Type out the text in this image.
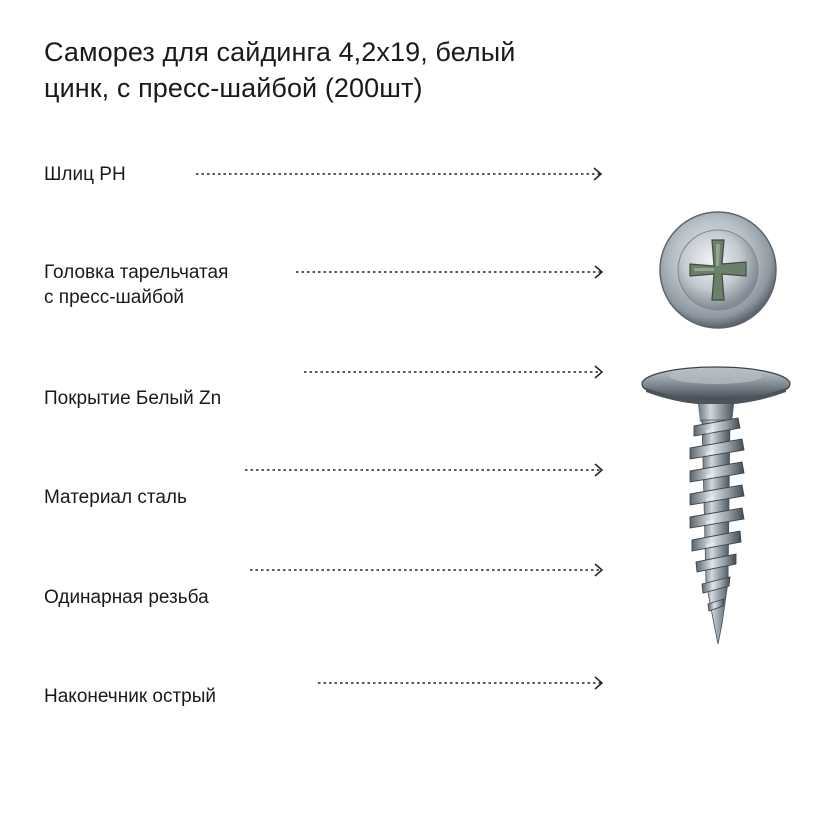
Саморез для сайдинга 4,2x19, белый
цинк, с пресс-шайбой (200шт)
Шлиц PH
Головка тарельчатая
с пресс-шайбой
Покрытие Белый Zn
Материал сталь
Одинарная резьба
Наконечник острый
